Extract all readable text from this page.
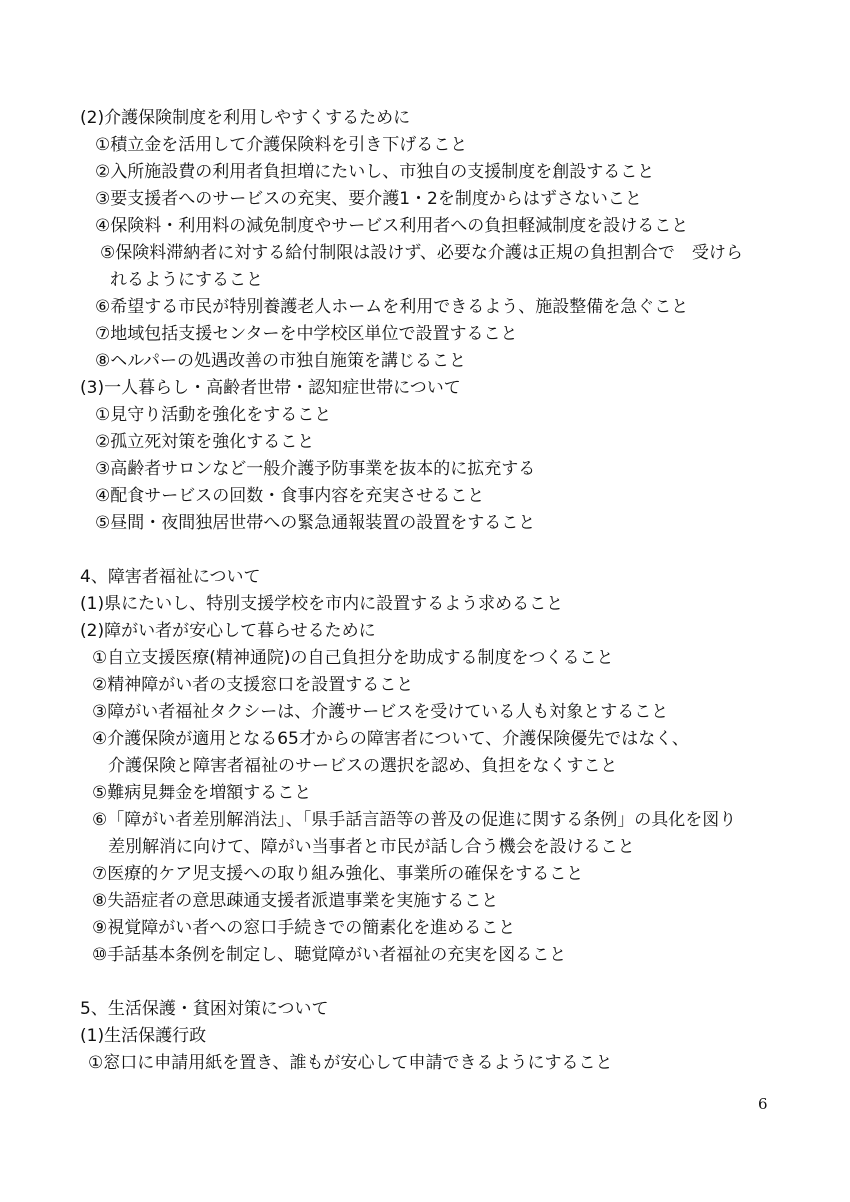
(2)介護保険制度を利用しやすくするために
①積立金を活用して介護保険料を引き下げること
②入所施設費の利用者負担増にたいし、市独自の支援制度を創設すること
③要支援者へのサービスの充実、要介護1・2を制度からはずさないこと
④保険料・利用料の減免制度やサービス利用者への負担軽減制度を設けること
⑤保険料滞納者に対する給付制限は設けず、必要な介護は正規の負担割合で　受けら
れるようにすること
⑥希望する市民が特別養護老人ホームを利用できるよう、施設整備を急ぐこと
⑦地域包括支援センターを中学校区単位で設置すること
⑧ヘルパーの処遇改善の市独自施策を講じること
(3)一人暮らし・高齢者世帯・認知症世帯について
①見守り活動を強化をすること
②孤立死対策を強化すること
③高齢者サロンなど一般介護予防事業を抜本的に拡充する
④配食サービスの回数・食事内容を充実させること
⑤昼間・夜間独居世帯への緊急通報装置の設置をすること
4、障害者福祉について
(1)県にたいし、特別支援学校を市内に設置するよう求めること
(2)障がい者が安心して暮らせるために
①自立支援医療(精神通院)の自己負担分を助成する制度をつくること
②精神障がい者の支援窓口を設置すること
③障がい者福祉タクシーは、介護サービスを受けている人も対象とすること
④介護保険が適用となる65才からの障害者について、介護保険優先ではなく、
介護保険と障害者福祉のサービスの選択を認め、負担をなくすこと
⑤難病見舞金を増額すること
⑥「障がい者差別解消法」、「県手話言語等の普及の促進に関する条例」の具化を図り
差別解消に向けて、障がい当事者と市民が話し合う機会を設けること
⑦医療的ケア児支援への取り組み強化、事業所の確保をすること
⑧失語症者の意思疎通支援者派遣事業を実施すること
⑨視覚障がい者への窓口手続きでの簡素化を進めること
⑩手話基本条例を制定し、聴覚障がい者福祉の充実を図ること
5、生活保護・貧困対策について
(1)生活保護行政
①窓口に申請用紙を置き、誰もが安心して申請できるようにすること
6
